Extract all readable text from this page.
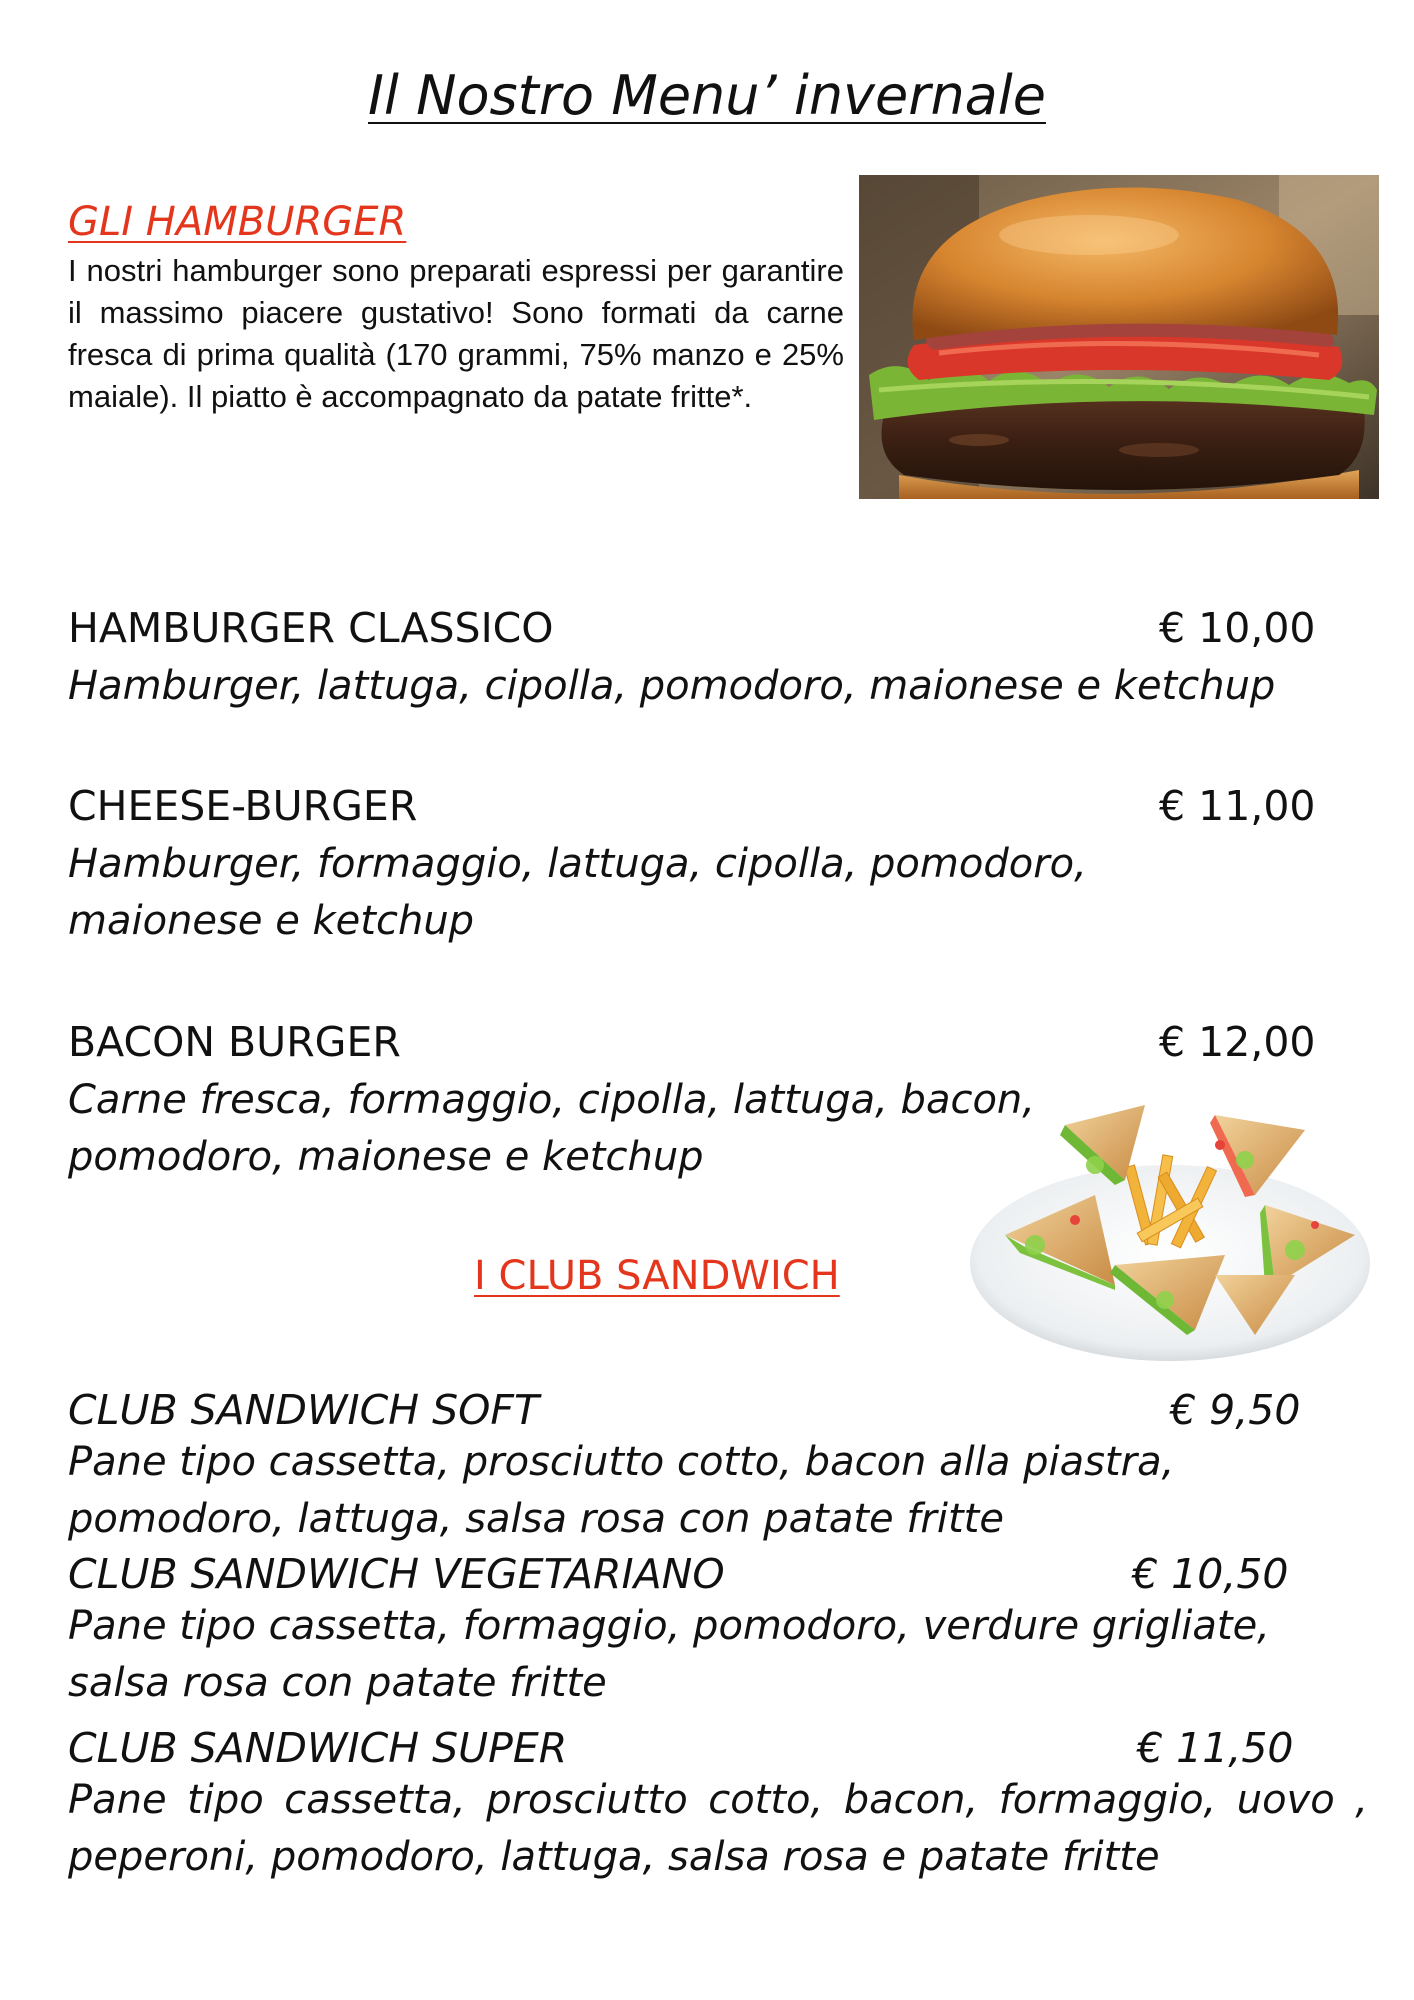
Il Nostro Menu’ invernale
GLI HAMBURGER
I nostri hamburger sono preparati espressi per garantire il massimo piacere gustativo! Sono formati da carne fresca di prima qualità (170 grammi, 75% manzo e 25% maiale). Il piatto è accompagnato da patate fritte*.
HAMBURGER CLASSICO	€ 10,00
Hamburger, lattuga, cipolla, pomodoro, maionese e ketchup
CHEESE-BURGER	€ 11,00
Hamburger, formaggio, lattuga, cipolla, pomodoro, maionese e ketchup
BACON BURGER	€ 12,00
Carne fresca, formaggio, cipolla, lattuga, bacon, pomodoro, maionese e ketchup
I CLUB SANDWICH
CLUB SANDWICH SOFT	€ 9,50
Pane tipo cassetta, prosciutto cotto, bacon alla piastra, pomodoro, lattuga, salsa rosa con patate fritte
CLUB SANDWICH VEGETARIANO	€ 10,50
Pane tipo cassetta, formaggio, pomodoro, verdure grigliate, salsa rosa con patate fritte
CLUB SANDWICH SUPER	€ 11,50
Pane tipo cassetta, prosciutto cotto, bacon, formaggio, uovo , peperoni, pomodoro, lattuga, salsa rosa e patate fritte
